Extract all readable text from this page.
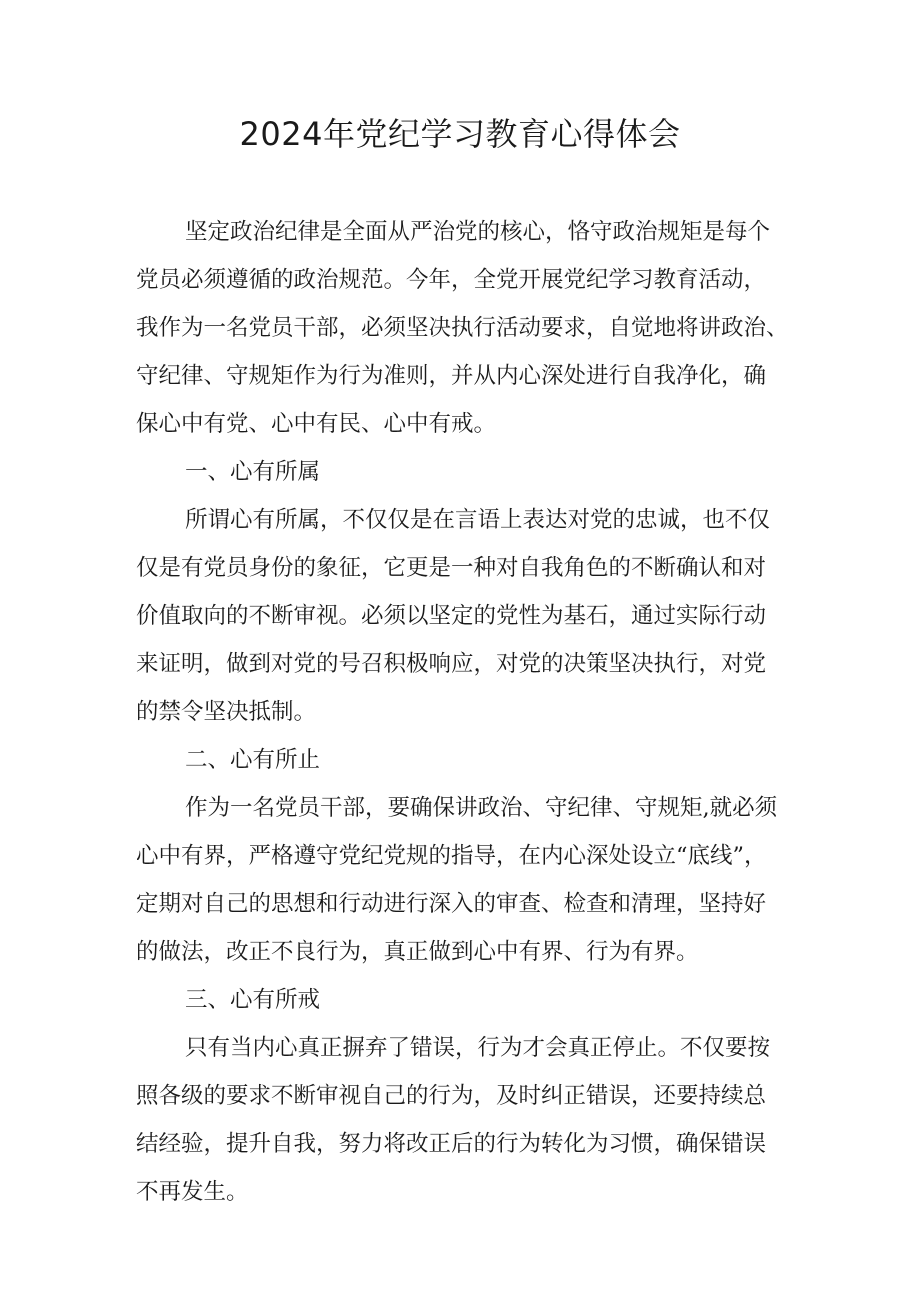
2024年党纪学习教育心得体会

坚定政治纪律是全面从严治党的核心，恪守政治规矩是每个

党员必须遵循的政治规范。今年，全党开展党纪学习教育活动，

我作为一名党员干部，必须坚决执行活动要求，自觉地将讲政治、

守纪律、守规矩作为行为准则，并从内心深处进行自我净化，确

保心中有党、心中有民、心中有戒。

一、心有所属

所谓心有所属，不仅仅是在言语上表达对党的忠诚，也不仅

仅是有党员身份的象征，它更是一种对自我角色的不断确认和对

价值取向的不断审视。必须以坚定的党性为基石，通过实际行动

来证明，做到对党的号召积极响应，对党的决策坚决执行，对党

的禁令坚决抵制。

二、心有所止

作为一名党员干部，要确保讲政治、守纪律、守规矩,就必须

心中有界，严格遵守党纪党规的指导，在内心深处设立“底线”，

定期对自己的思想和行动进行深入的审查、检查和清理，坚持好

的做法，改正不良行为，真正做到心中有界、行为有界。

三、心有所戒

只有当内心真正摒弃了错误，行为才会真正停止。不仅要按

照各级的要求不断审视自己的行为，及时纠正错误，还要持续总

结经验，提升自我，努力将改正后的行为转化为习惯，确保错误

不再发生。
